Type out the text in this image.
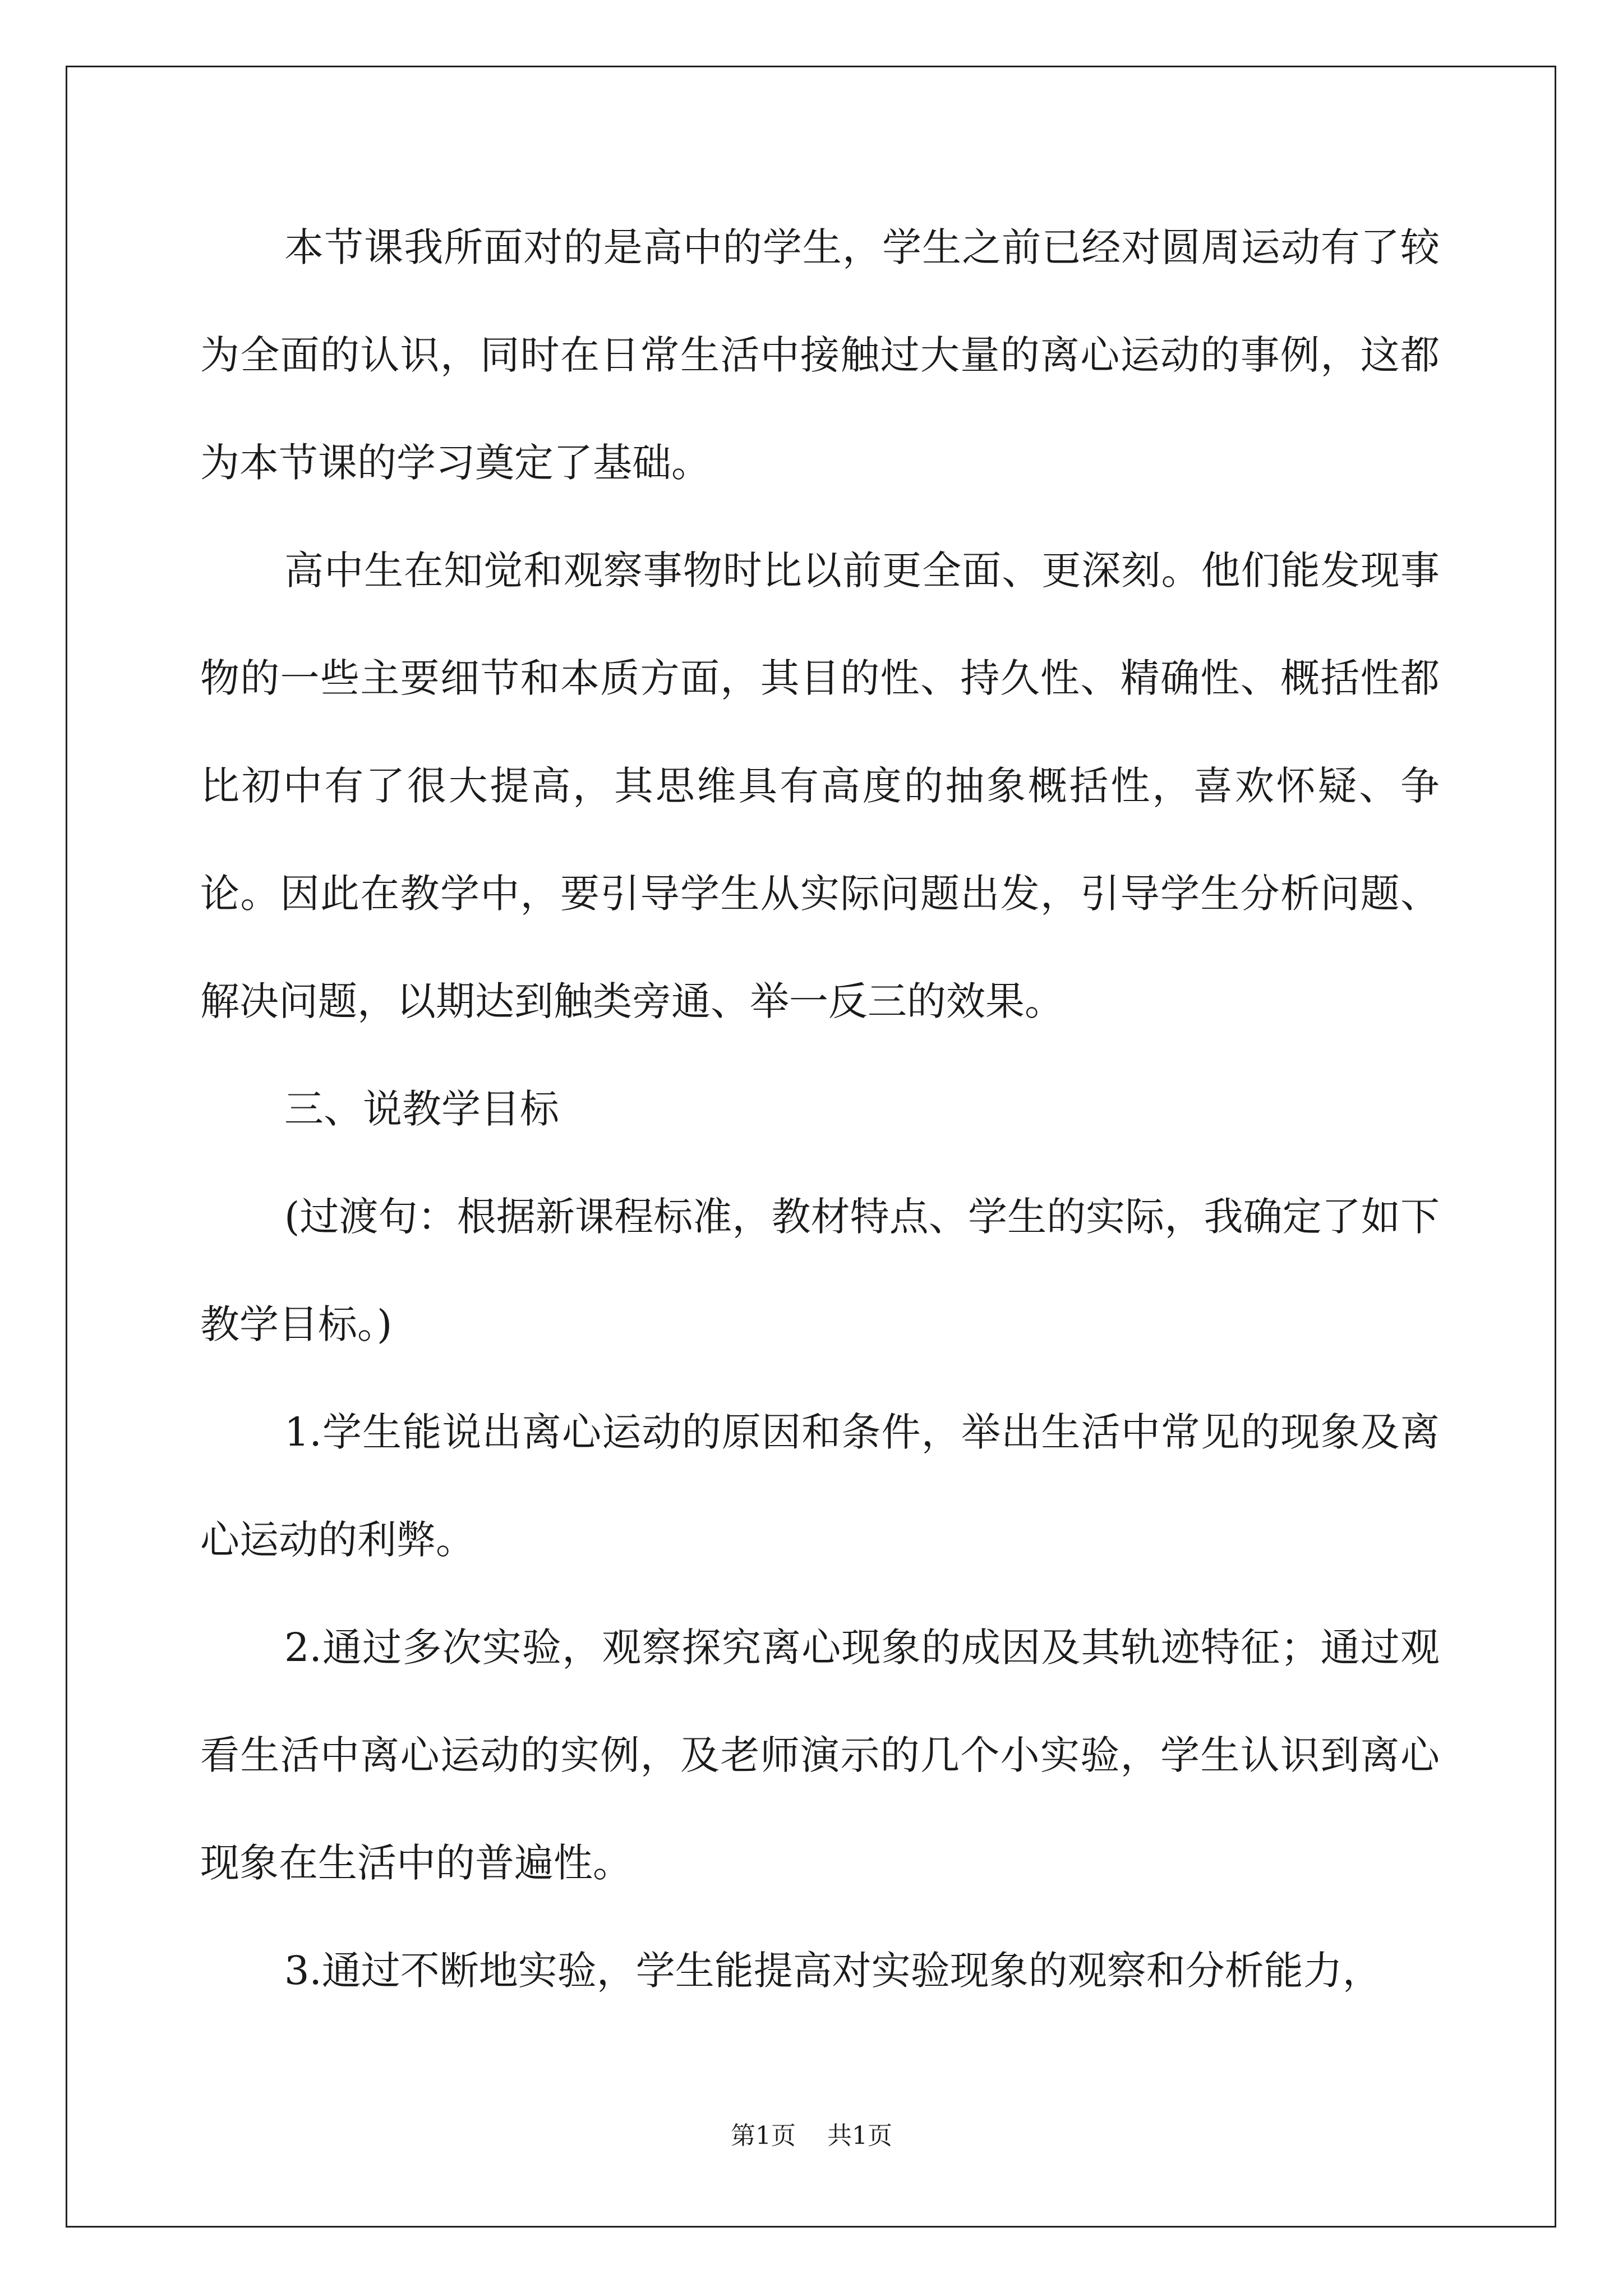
本节课我所面对的是高中的学生，学生之前已经对圆周运动有了较为全面的认识，同时在日常生活中接触过大量的离心运动的事例，这都为本节课的学习奠定了基础。

高中生在知觉和观察事物时比以前更全面、更深刻。他们能发现事物的一些主要细节和本质方面，其目的性、持久性、精确性、概括性都比初中有了很大提高，其思维具有高度的抽象概括性，喜欢怀疑、争论。因此在教学中，要引导学生从实际问题出发，引导学生分析问题、解决问题，以期达到触类旁通、举一反三的效果。

三、说教学目标

(过渡句：根据新课程标准，教材特点、学生的实际，我确定了如下教学目标。)

1.学生能说出离心运动的原因和条件，举出生活中常见的现象及离心运动的利弊。

2.通过多次实验，观察探究离心现象的成因及其轨迹特征；通过观看生活中离心运动的实例，及老师演示的几个小实验，学生认识到离心现象在生活中的普遍性。

3.通过不断地实验，学生能提高对实验现象的观察和分析能力，

第1页 共1页
